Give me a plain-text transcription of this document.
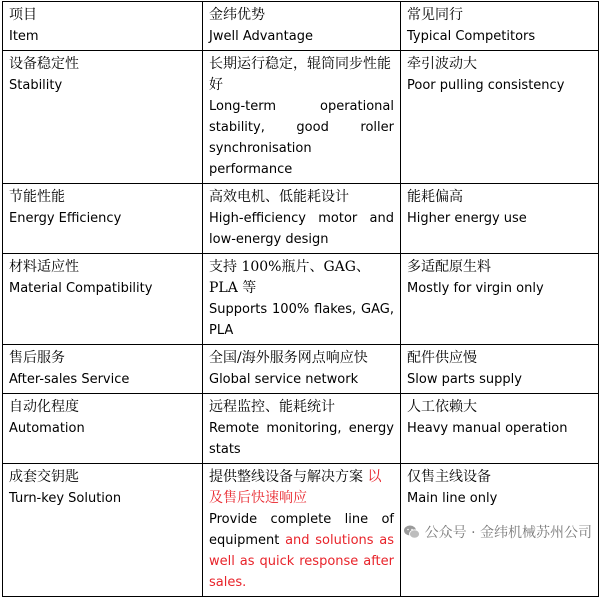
项目
Item	金纬优势
Jwell Advantage	常见同行
Typical Competitors

设备稳定性
Stability	长期运行稳定，辊筒同步性能好
Long-term operational stability, good roller synchronisation performance	牵引波动大
Poor pulling consistency

节能性能
Energy Efficiency	高效电机、低能耗设计
High-efficiency motor and low-energy design	能耗偏高
Higher energy use

材料适应性
Material Compatibility	支持 100%瓶片、GAG、PLA 等
Supports 100% flakes, GAG, PLA	多适配原生料
Mostly for virgin only

售后服务
After-sales Service	全国/海外服务网点响应快
Global service network	配件供应慢
Slow parts supply

自动化程度
Automation	远程监控、能耗统计
Remote monitoring, energy stats	人工依赖大
Heavy manual operation

成套交钥匙
Turn-key Solution	提供整线设备与解决方案 以及售后快速响应
Provide complete line of equipment and solutions as well as quick response after sales.	仅售主线设备
Main line only
公众号 · 金纬机械苏州公司
